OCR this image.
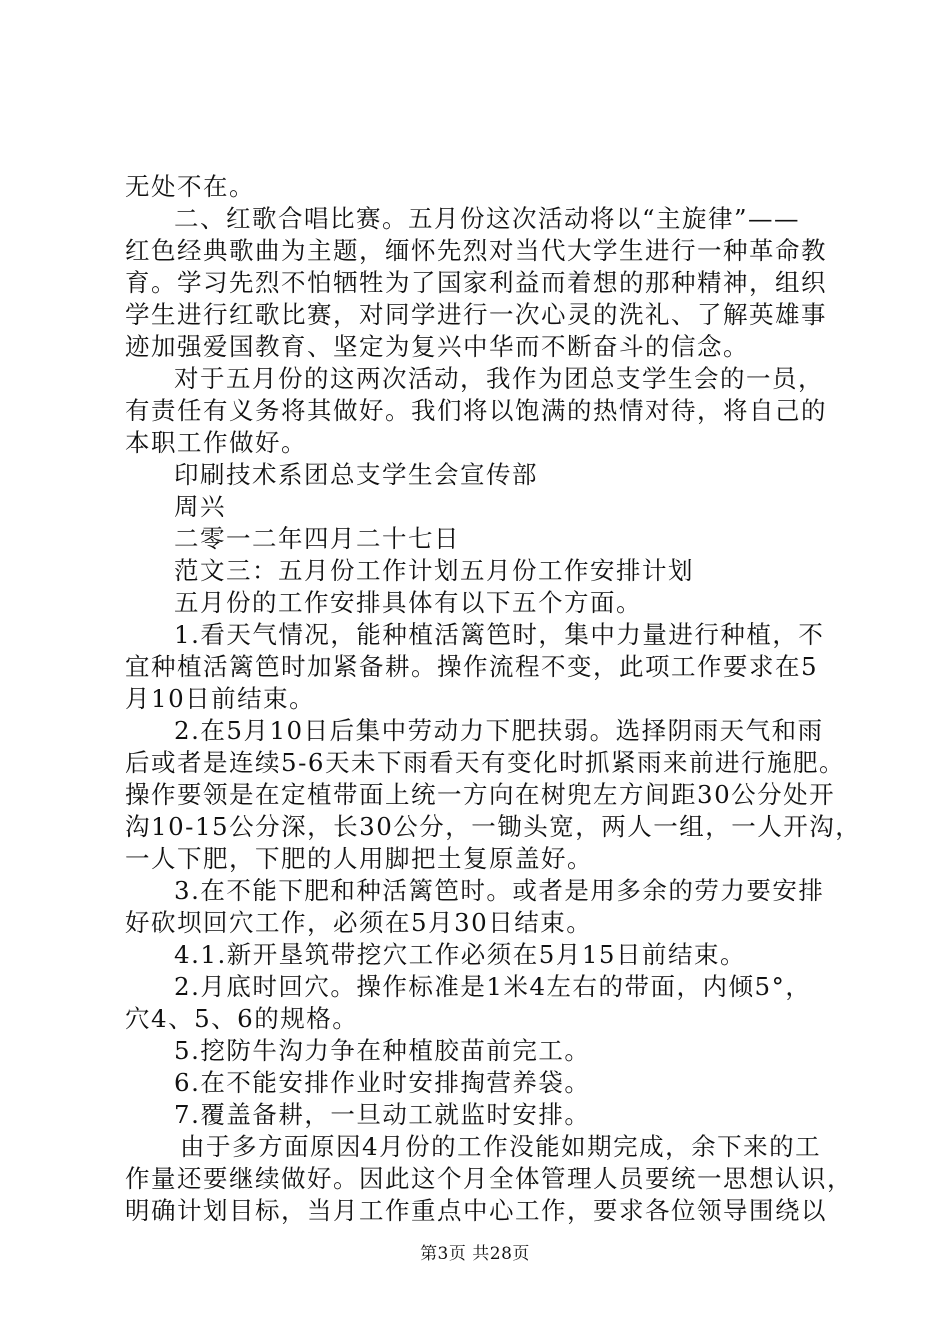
无处不在。
二、红歌合唱比赛。五月份这次活动将以“主旋律”——
红色经典歌曲为主题，缅怀先烈对当代大学生进行一种革命教
育。学习先烈不怕牺牲为了国家利益而着想的那种精神，组织
学生进行红歌比赛，对同学进行一次心灵的洗礼、了解英雄事
迹加强爱国教育、坚定为复兴中华而不断奋斗的信念。
对于五月份的这两次活动，我作为团总支学生会的一员，
有责任有义务将其做好。我们将以饱满的热情对待，将自己的
本职工作做好。
印刷技术系团总支学生会宣传部
周兴
二零一二年四月二十七日
范文三：五月份工作计划五月份工作安排计划
五月份的工作安排具体有以下五个方面。
1.看天气情况，能种植活篱笆时，集中力量进行种植，不
宜种植活篱笆时加紧备耕。操作流程不变，此项工作要求在5
月10日前结束。
2.在5月10日后集中劳动力下肥扶弱。选择阴雨天气和雨
后或者是连续5-6天未下雨看天有变化时抓紧雨来前进行施肥。
操作要领是在定植带面上统一方向在树兜左方间距30公分处开
沟10-15公分深，长30公分，一锄头宽，两人一组，一人开沟，
一人下肥，下肥的人用脚把土复原盖好。
3.在不能下肥和种活篱笆时。或者是用多余的劳力要安排
好砍坝回穴工作，必须在5月30日结束。
4.1.新开垦筑带挖穴工作必须在5月15日前结束。
2.月底时回穴。操作标准是1米4左右的带面，内倾5°，
穴4、5、6的规格。
5.挖防牛沟力争在种植胶苗前完工。
6.在不能安排作业时安排掏营养袋。
7.覆盖备耕，一旦动工就监时安排。
由于多方面原因4月份的工作没能如期完成，余下来的工
作量还要继续做好。因此这个月全体管理人员要统一思想认识，
明确计划目标，当月工作重点中心工作，要求各位领导围绕以
第3页 共28页
